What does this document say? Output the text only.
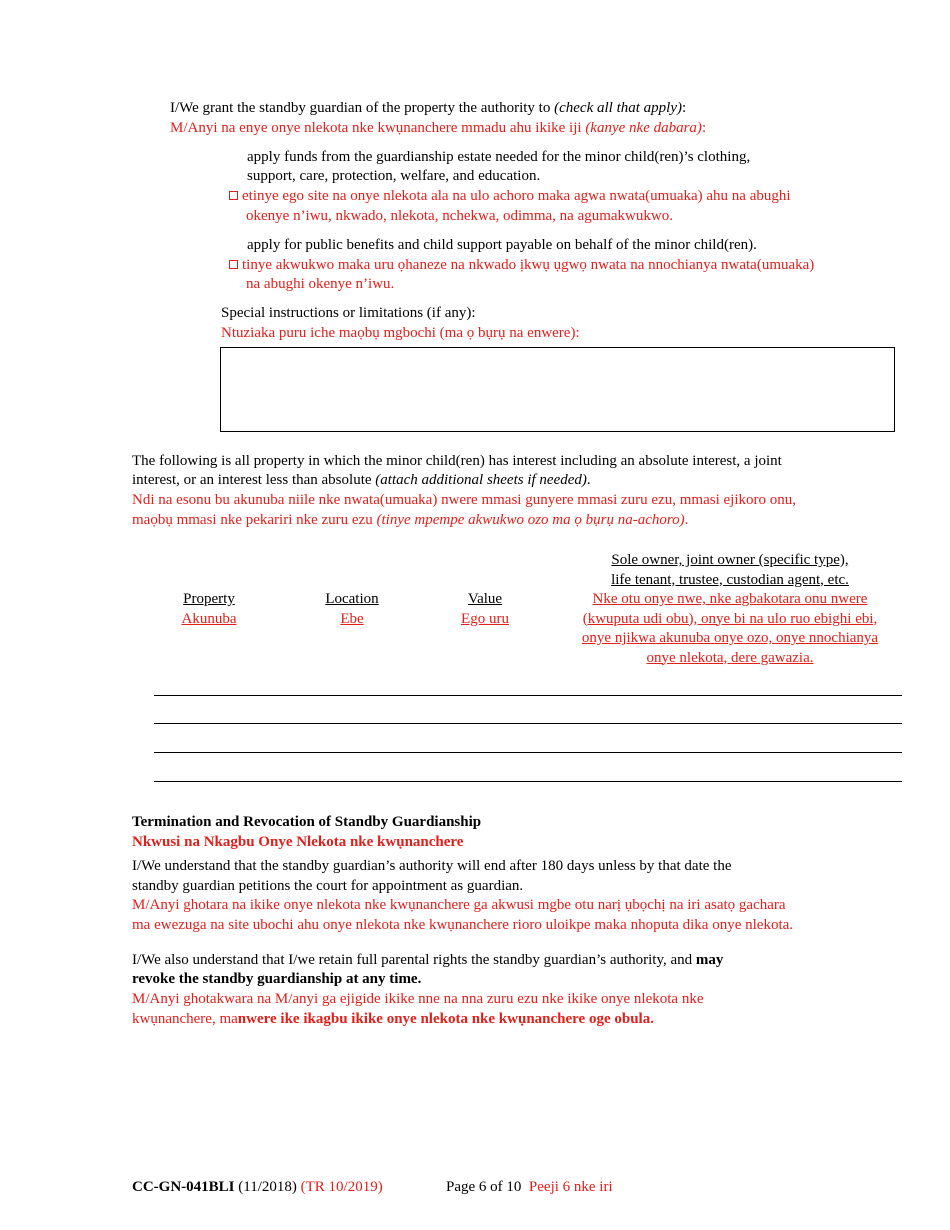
I/We grant the standby guardian of the property the authority to (check all that apply):
M/Anyi na enye onye nlekota nke kwụnanchere mmadu ahu ikike iji (kanye nke dabara):
apply funds from the guardianship estate needed for the minor child(ren)’s clothing,
support, care, protection, welfare, and education.
etinye ego site na onye nlekota ala na ulo achoro maka agwa nwata(umuaka) ahu na abughi
okenye n’iwu, nkwado, nlekota, nchekwa, odimma, na agumakwukwo.
apply for public benefits and child support payable on behalf of the minor child(ren).
tinye akwukwo maka uru ọhaneze na nkwado ịkwụ ụgwọ nwata na nnochianya nwata(umuaka)
na abughi okenye n’iwu.
Special instructions or limitations (if any):
Ntuziaka puru iche maọbụ mgbochi (ma ọ bụrụ na enwere):
The following is all property in which the minor child(ren) has interest including an absolute interest, a joint
interest, or an interest less than absolute (attach additional sheets if needed).
Ndi na esonu bu akunuba niile nke nwata(umuaka) nwere mmasi gunyere mmasi zuru ezu, mmasi ejikoro onu,
maọbụ mmasi nke pekariri nke zuru ezu (tinye mpempe akwukwo ozo ma ọ bụrụ na-achoro).
Property
Akunuba
Location
Ebe
Value
Ego uru
Sole owner, joint owner (specific type),
life tenant, trustee, custodian agent, etc.
Nke otu onye nwe, nke agbakotara onu nwere
(kwuputa udi obu), onye bi na ulo ruo ebighi ebi,
onye njikwa akunuba onye ozo, onye nnochianya
onye nlekota, dere gawazia.
Termination and Revocation of Standby Guardianship
Nkwusi na Nkagbu Onye Nlekota nke kwụnanchere
I/We understand that the standby guardian’s authority will end after 180 days unless by that date the
standby guardian petitions the court for appointment as guardian.
M/Anyi ghotara na ikike onye nlekota nke kwụnanchere ga akwusi mgbe otu narị ụbọchị na iri asatọ gachara
ma ewezuga na site ubochi ahu onye nlekota nke kwụnanchere rioro uloikpe maka nhoputa dika onye nlekota.
I/We also understand that I/we retain full parental rights the standby guardian’s authority, and may
revoke the standby guardianship at any time.
M/Anyi ghotakwara na M/anyi ga ejigide ikike nne na nna zuru ezu nke ikike onye nlekota nke
kwụnanchere, manwere ike ikagbu ikike onye nlekota nke kwụnanchere oge obula.
CC-GN-041BLI (11/2018) (TR 10/2019)	Page 6 of 10 Peeji 6 nke iri
